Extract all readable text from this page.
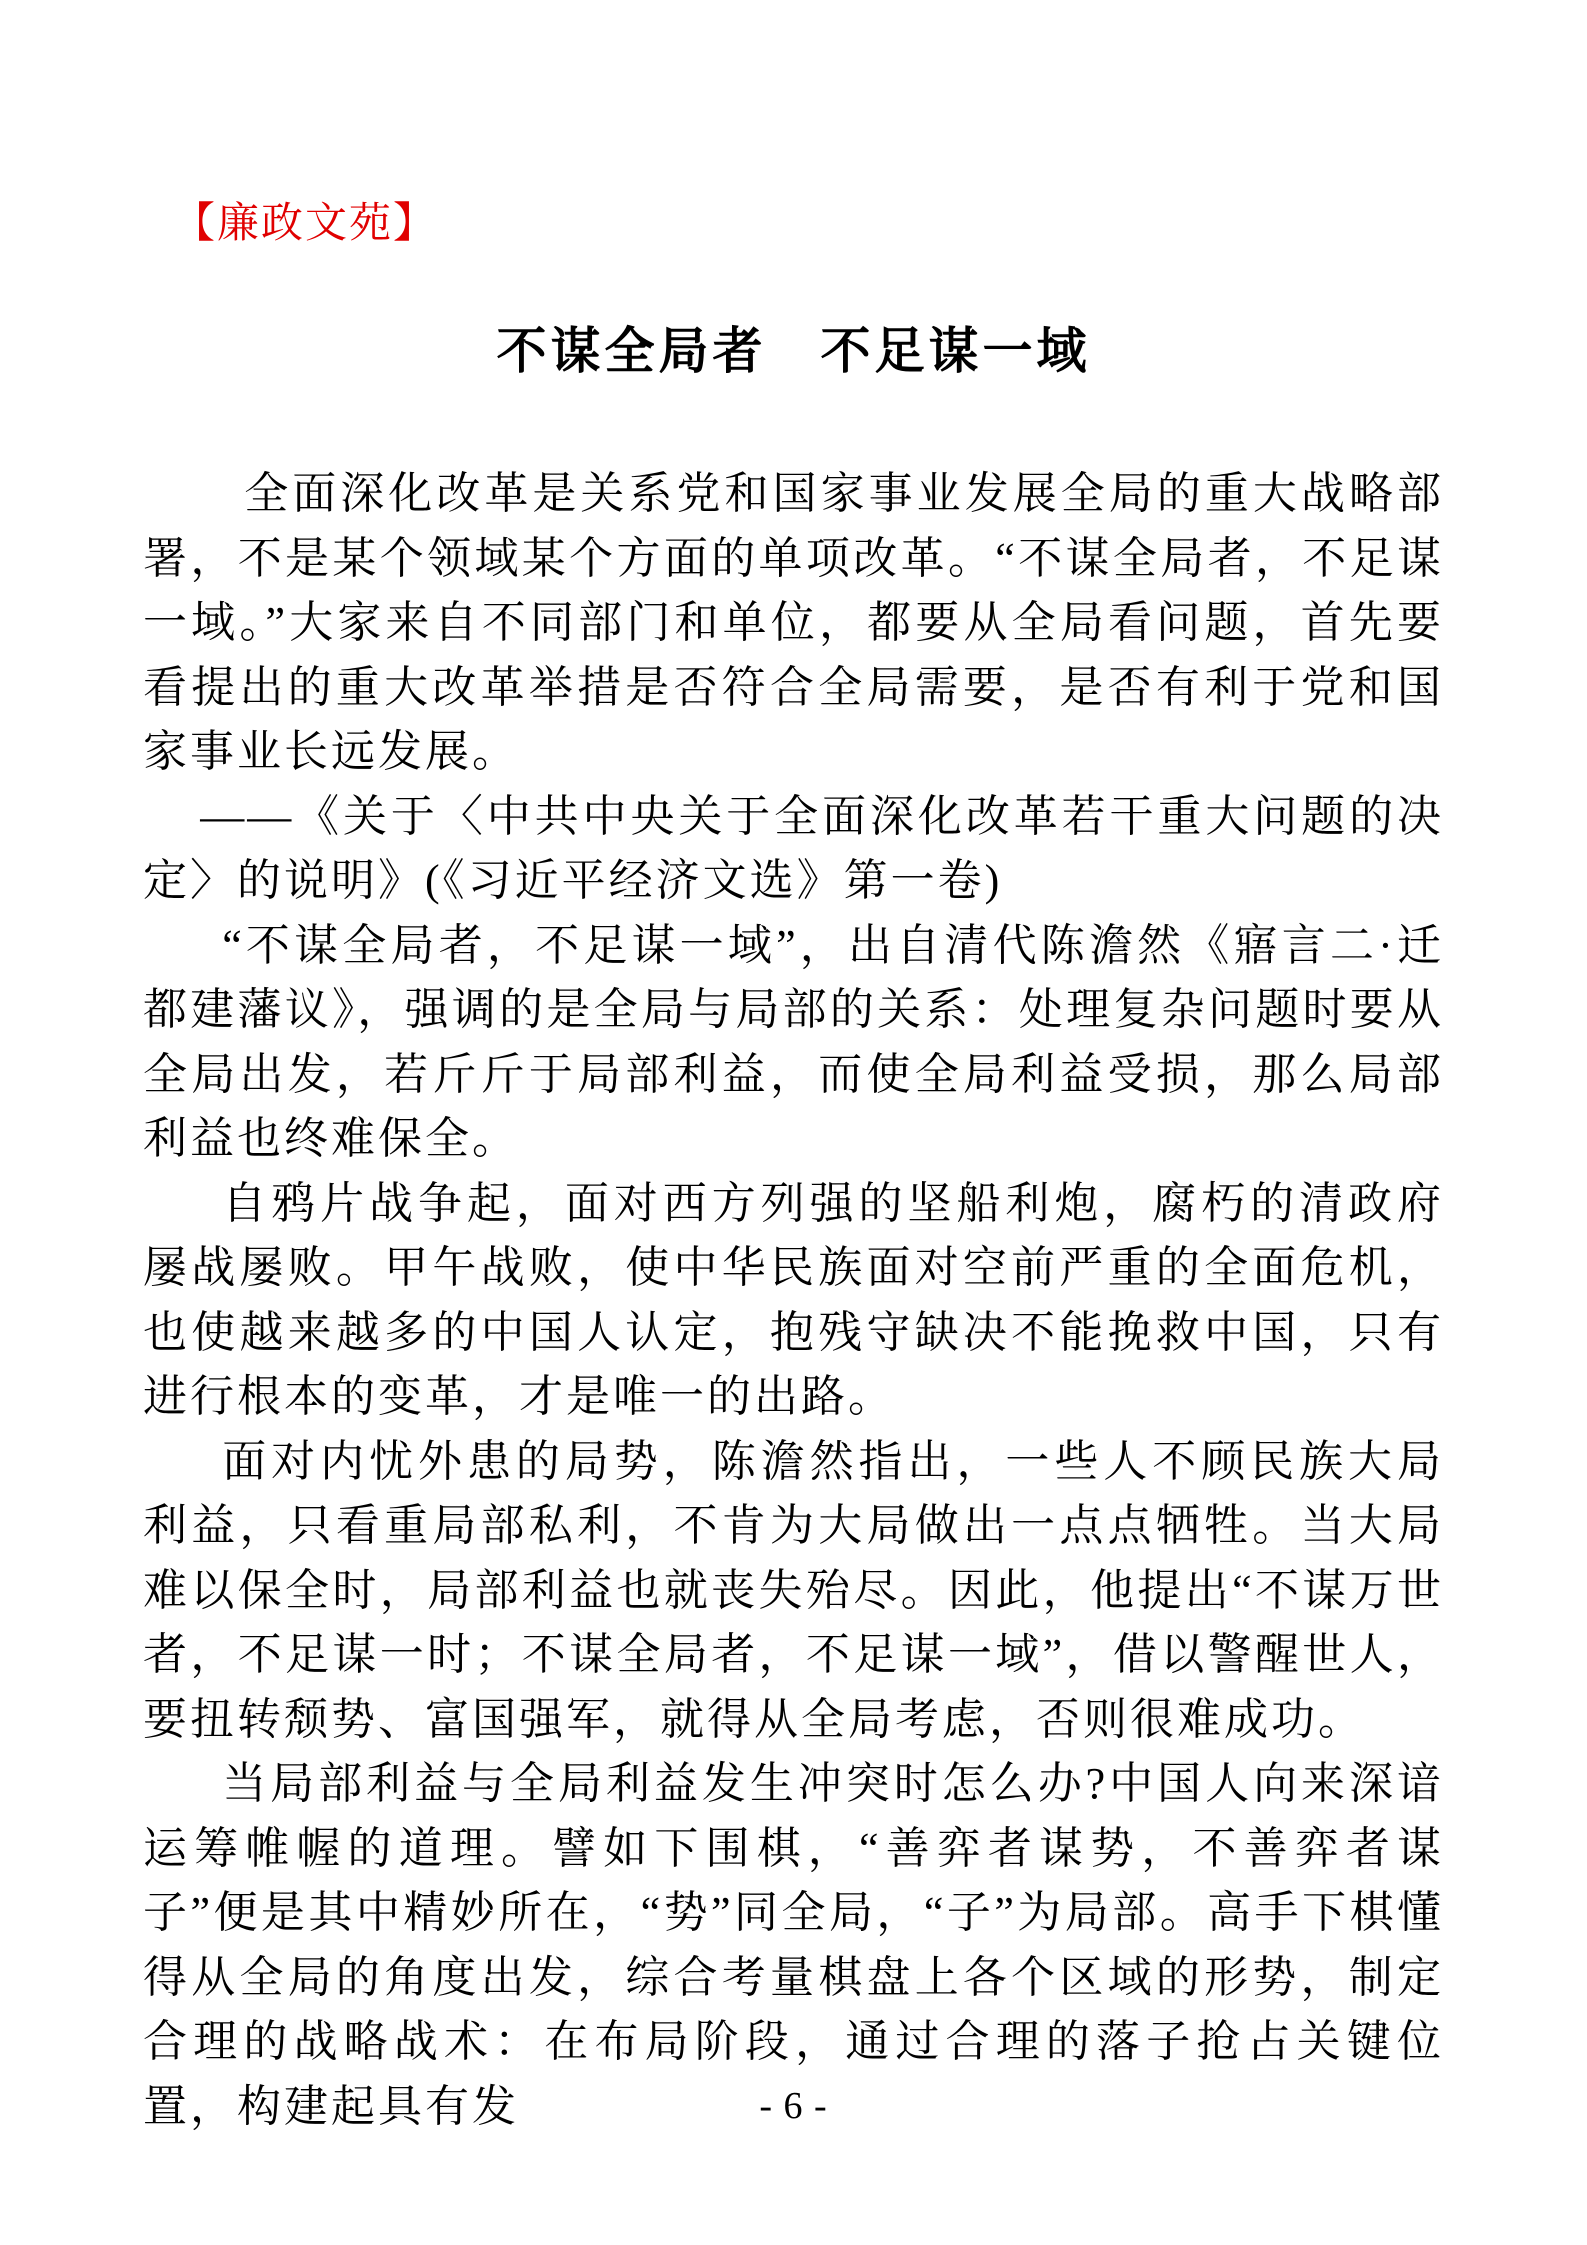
【廉政文苑】
不谋全局者　不足谋一域

全面深化改革是关系党和国家事业发展全局的重大战略部署，不是某个领域某个方面的单项改革。“不谋全局者，不足谋一域。”大家来自不同部门和单位，都要从全局看问题，首先要看提出的重大改革举措是否符合全局需要，是否有利于党和国家事业长远发展。

——《关于〈中共中央关于全面深化改革若干重大问题的决定〉的说明》(《习近平经济文选》第一卷)

“不谋全局者，不足谋一域”，出自清代陈澹然《寤言二·迁都建藩议》，强调的是全局与局部的关系：处理复杂问题时要从全局出发，若斤斤于局部利益，而使全局利益受损，那么局部利益也终难保全。

自鸦片战争起，面对西方列强的坚船利炮，腐朽的清政府屡战屡败。甲午战败，使中华民族面对空前严重的全面危机，也使越来越多的中国人认定，抱残守缺决不能挽救中国，只有进行根本的变革，才是唯一的出路。

面对内忧外患的局势，陈澹然指出，一些人不顾民族大局利益，只看重局部私利，不肯为大局做出一点点牺牲。当大局难以保全时，局部利益也就丧失殆尽。因此，他提出“不谋万世者，不足谋一时；不谋全局者，不足谋一域”，借以警醒世人，要扭转颓势、富国强军，就得从全局考虑，否则很难成功。

当局部利益与全局利益发生冲突时怎么办?中国人向来深谙运筹帷幄的道理。譬如下围棋，“善弈者谋势，不善弈者谋子”便是其中精妙所在，“势”同全局，“子”为局部。高手下棋懂得从全局的角度出发，综合考量棋盘上各个区域的形势，制定合理的战略战术：在布局阶段，通过合理的落子抢占关键位置，构建起具有发	- 6 -
